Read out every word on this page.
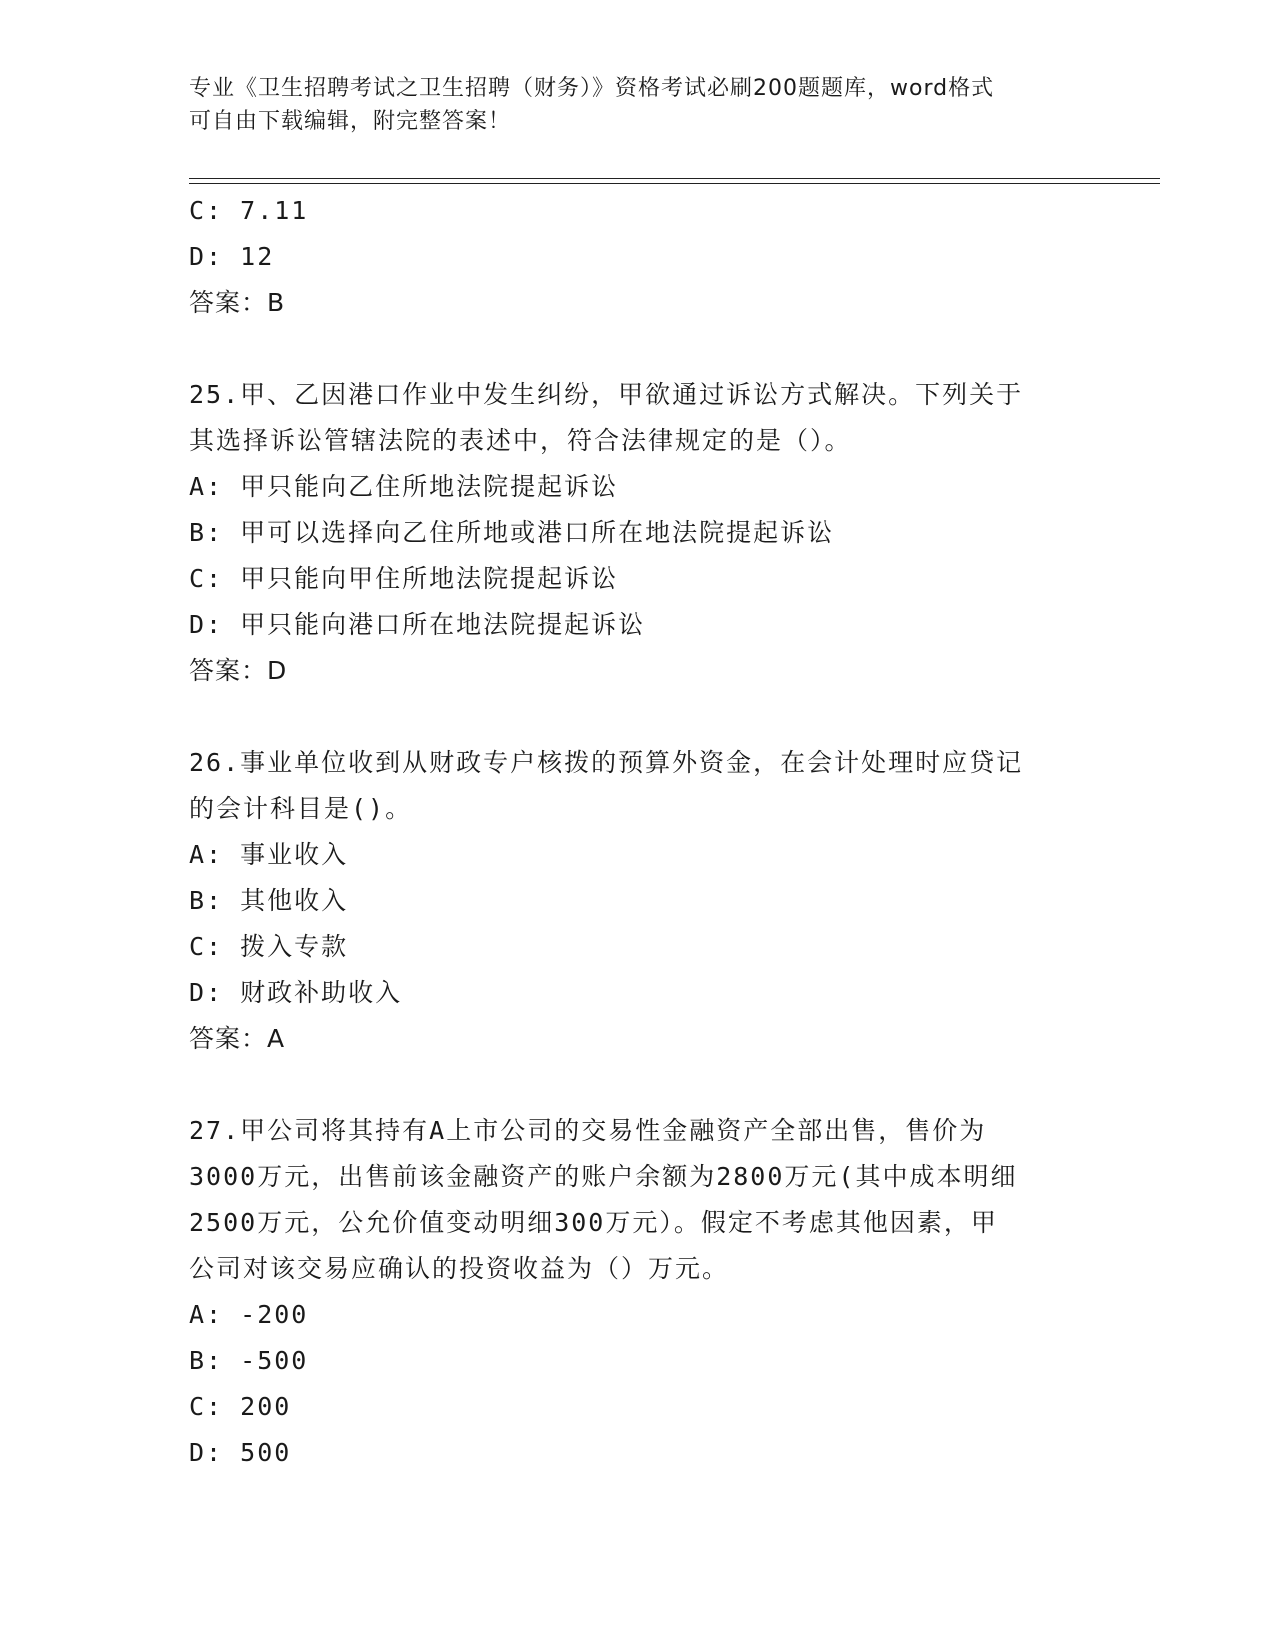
专业《卫生招聘考试之卫生招聘（财务）》资格考试必刷200题题库，word格式
可自由下载编辑，附完整答案！
C: 7.11
D: 12
答案：B
25.甲、乙因港口作业中发生纠纷，甲欲通过诉讼方式解决。下列关于
其选择诉讼管辖法院的表述中，符合法律规定的是（）。
A: 甲只能向乙住所地法院提起诉讼
B: 甲可以选择向乙住所地或港口所在地法院提起诉讼
C: 甲只能向甲住所地法院提起诉讼
D: 甲只能向港口所在地法院提起诉讼
答案：D
26.事业单位收到从财政专户核拨的预算外资金，在会计处理时应贷记
的会计科目是()。
A: 事业收入
B: 其他收入
C: 拨入专款
D: 财政补助收入
答案：A
27.甲公司将其持有A上市公司的交易性金融资产全部出售，售价为
3000万元，出售前该金融资产的账户余额为2800万元(其中成本明细
2500万元，公允价值变动明细300万元）。假定不考虑其他因素，甲
公司对该交易应确认的投资收益为（）万元。
A: -200
B: -500
C: 200
D: 500
